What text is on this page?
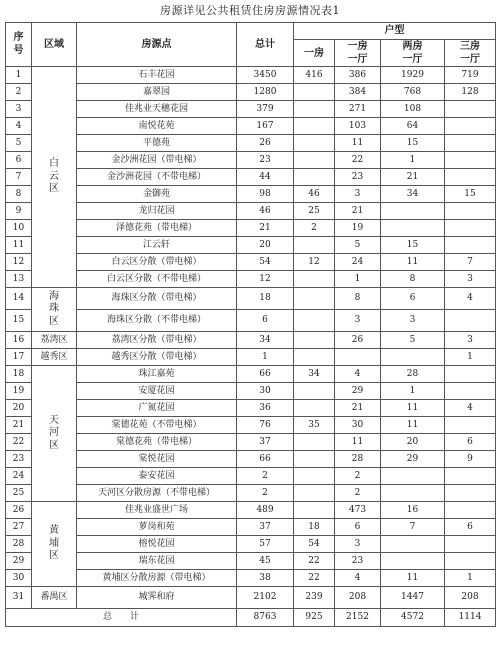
房源详见公共租赁住房房源情况表1
序号	区域	房源点	总计	户型			
				一房	一房一厅	两房一厅	三房一厅
1	白云区	石丰花园	3450	416	386	1929	719
2		嘉翠园	1280		384	768	128
3		佳兆业天穗花园	379		271	108	
4		南悦花苑	167		103	64	
5		平德苑	26		11	15	
6		金沙洲花园（带电梯）	23		22	1	
7		金沙洲花园（不带电梯）	44		23	21	
8		金御苑	98	46	3	34	15
9		龙归花园	46	25	21		
10		泽德花苑（带电梯）	21	2	19		
11		江云轩	20		5	15	
12		白云区分散（带电梯）	54	12	24	11	7
13		白云区分散（不带电梯）	12		1	8	3
14	海珠区	海珠区分散（带电梯）	18		8	6	4
15		海珠区分散（不带电梯）	6		3	3	
16	荔湾区	荔湾区分散（带电梯）	34		26	5	3
17	越秀区	越秀区分散（带电梯）	1				1
18	天河区	珠江嘉苑	66	34	4	28	
19		安厦花园	30		29	1	
20		广氮花园	36		21	11	4
21		棠德花苑（不带电梯）	76	35	30	11	
22		棠德花苑（带电梯）	37		11	20	6
23		棠悦花园	66		28	29	9
24		泰安花园	2		2		
25		天河区分散房源（不带电梯）	2		2		
26	黄埔区	佳兆业盛世广场	489		473	16	
27		萝岗和苑	37	18	6	7	6
28		榕悦花园	57	54	3		
29		瑞东花园	45	22	23		
30		黄埔区分散房源（带电梯）	38	22	4	11	1
31	番禺区	城霁和府	2102	239	208	1447	208
总　　计			8763	925	2152	4572	1114
